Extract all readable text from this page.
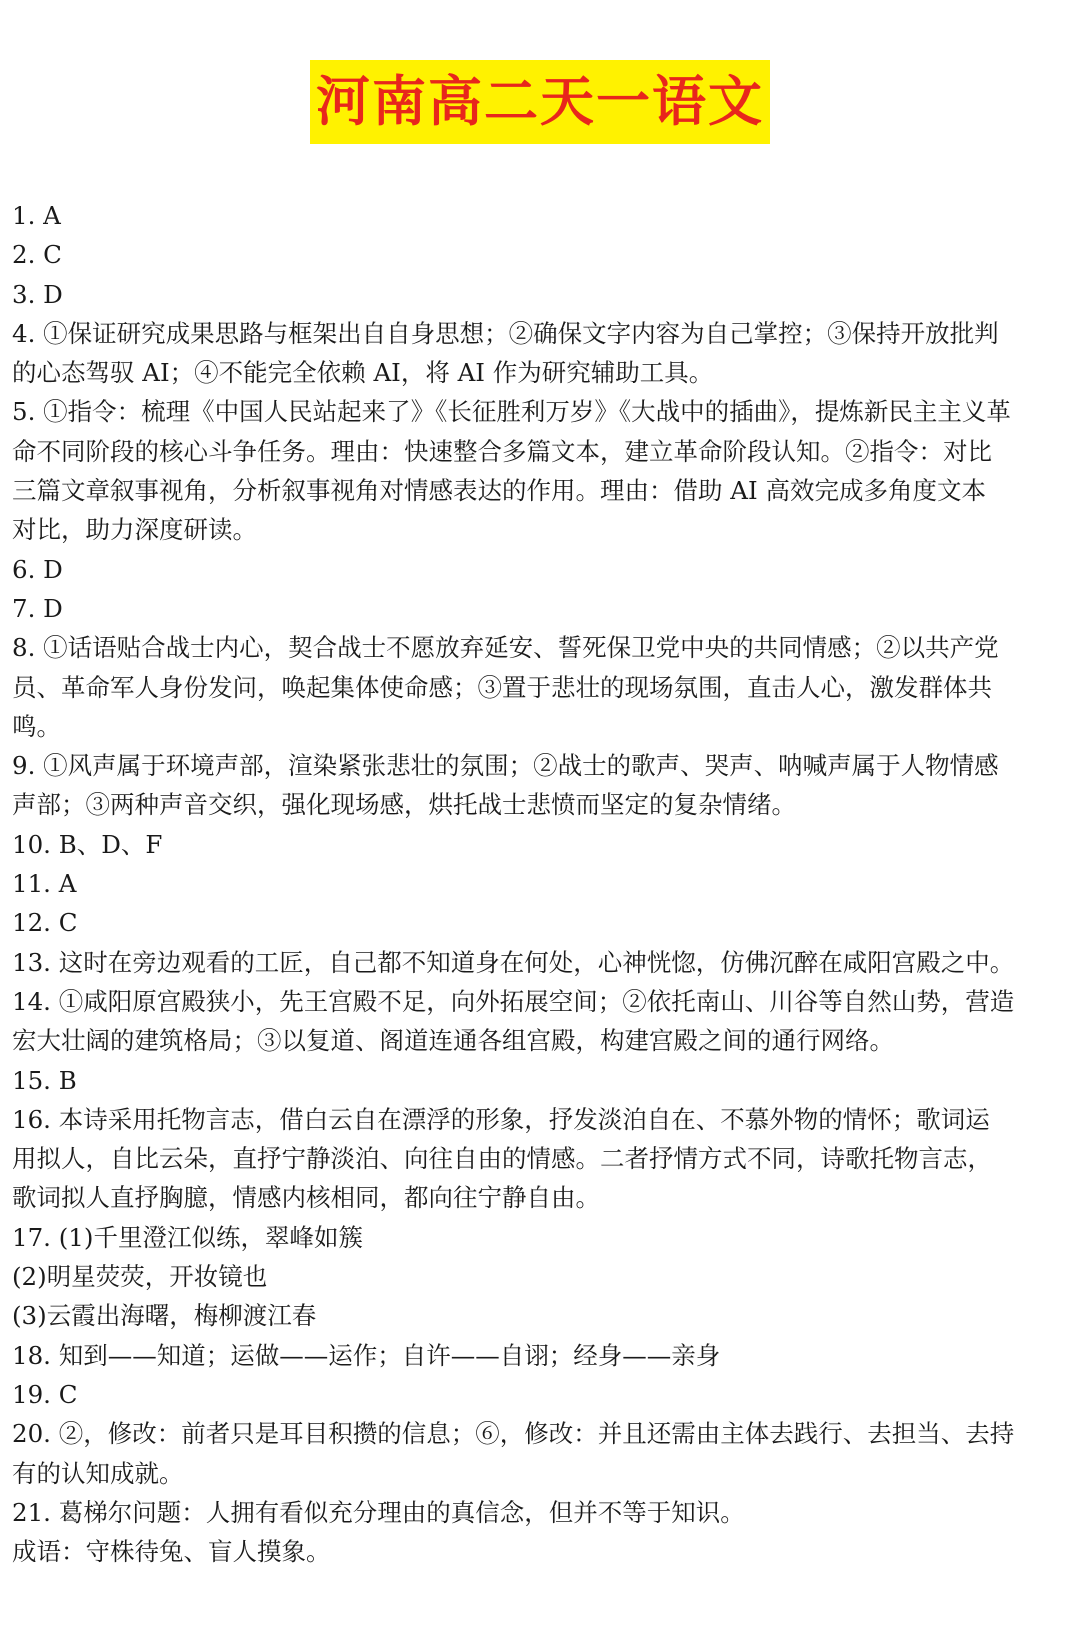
河南高二天一语文
1. A
2. C
3. D
4. ①保证研究成果思路与框架出自自身思想；②确保文字内容为自己掌控；③保持开放批判
的心态驾驭 AI；④不能完全依赖 AI，将 AI 作为研究辅助工具。
5. ①指令：梳理《中国人民站起来了》《长征胜利万岁》《大战中的插曲》，提炼新民主主义革
命不同阶段的核心斗争任务。理由：快速整合多篇文本，建立革命阶段认知。②指令：对比
三篇文章叙事视角，分析叙事视角对情感表达的作用。理由：借助 AI 高效完成多角度文本
对比，助力深度研读。
6. D
7. D
8. ①话语贴合战士内心，契合战士不愿放弃延安、誓死保卫党中央的共同情感；②以共产党
员、革命军人身份发问，唤起集体使命感；③置于悲壮的现场氛围，直击人心，激发群体共
鸣。
9. ①风声属于环境声部，渲染紧张悲壮的氛围；②战士的歌声、哭声、呐喊声属于人物情感
声部；③两种声音交织，强化现场感，烘托战士悲愤而坚定的复杂情绪。
10. B、D、F
11. A
12. C
13. 这时在旁边观看的工匠，自己都不知道身在何处，心神恍惚，仿佛沉醉在咸阳宫殿之中。
14. ①咸阳原宫殿狭小，先王宫殿不足，向外拓展空间；②依托南山、川谷等自然山势，营造
宏大壮阔的建筑格局；③以复道、阁道连通各组宫殿，构建宫殿之间的通行网络。
15. B
16. 本诗采用托物言志，借白云自在漂浮的形象，抒发淡泊自在、不慕外物的情怀；歌词运
用拟人，自比云朵，直抒宁静淡泊、向往自由的情感。二者抒情方式不同，诗歌托物言志，
歌词拟人直抒胸臆，情感内核相同，都向往宁静自由。
17. (1)千里澄江似练，翠峰如簇
(2)明星荧荧，开妆镜也
(3)云霞出海曙，梅柳渡江春
18. 知到——知道；运做——运作；自许——自诩；经身——亲身
19. C
20. ②，修改：前者只是耳目积攒的信息；⑥，修改：并且还需由主体去践行、去担当、去持
有的认知成就。
21. 葛梯尔问题：人拥有看似充分理由的真信念，但并不等于知识。
成语：守株待兔、盲人摸象。
